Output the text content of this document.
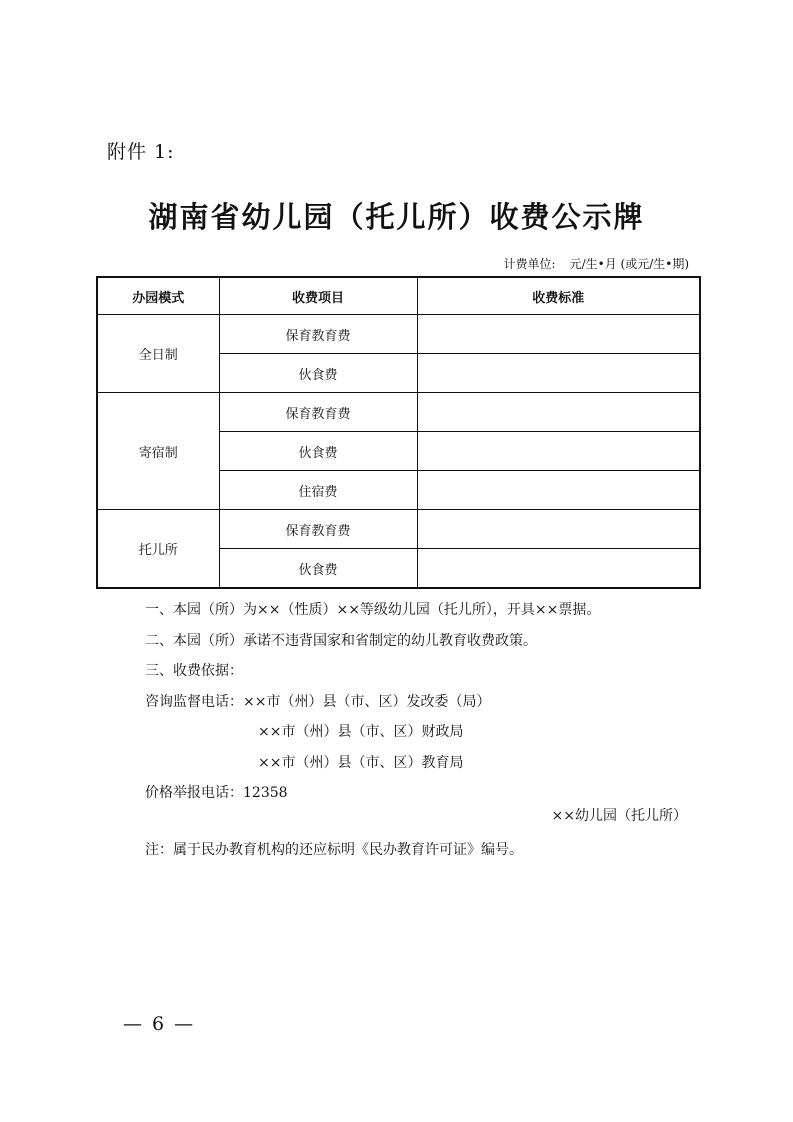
附件 1:
湖南省幼儿园（托儿所）收费公示牌
计费单位: 元/生•月 (或元/生•期)
办园模式	收费项目	收费标准
全日制	保育教育费	
	伙食费	
寄宿制	保育教育费	
	伙食费	
	住宿费	
托儿所	保育教育费	
	伙食费	

一、本园（所）为××（性质）××等级幼儿园（托儿所），开具××票据。

二、本园（所）承诺不违背国家和省制定的幼儿教育收费政策。

三、收费依据：

咨询监督电话：××市（州）县（市、区）发改委（局）

××市（州）县（市、区）财政局

××市（州）县（市、区）教育局

价格举报电话：12358

××幼儿园（托儿所）
注：属于民办教育机构的还应标明《民办教育许可证》编号。
— 6 —
